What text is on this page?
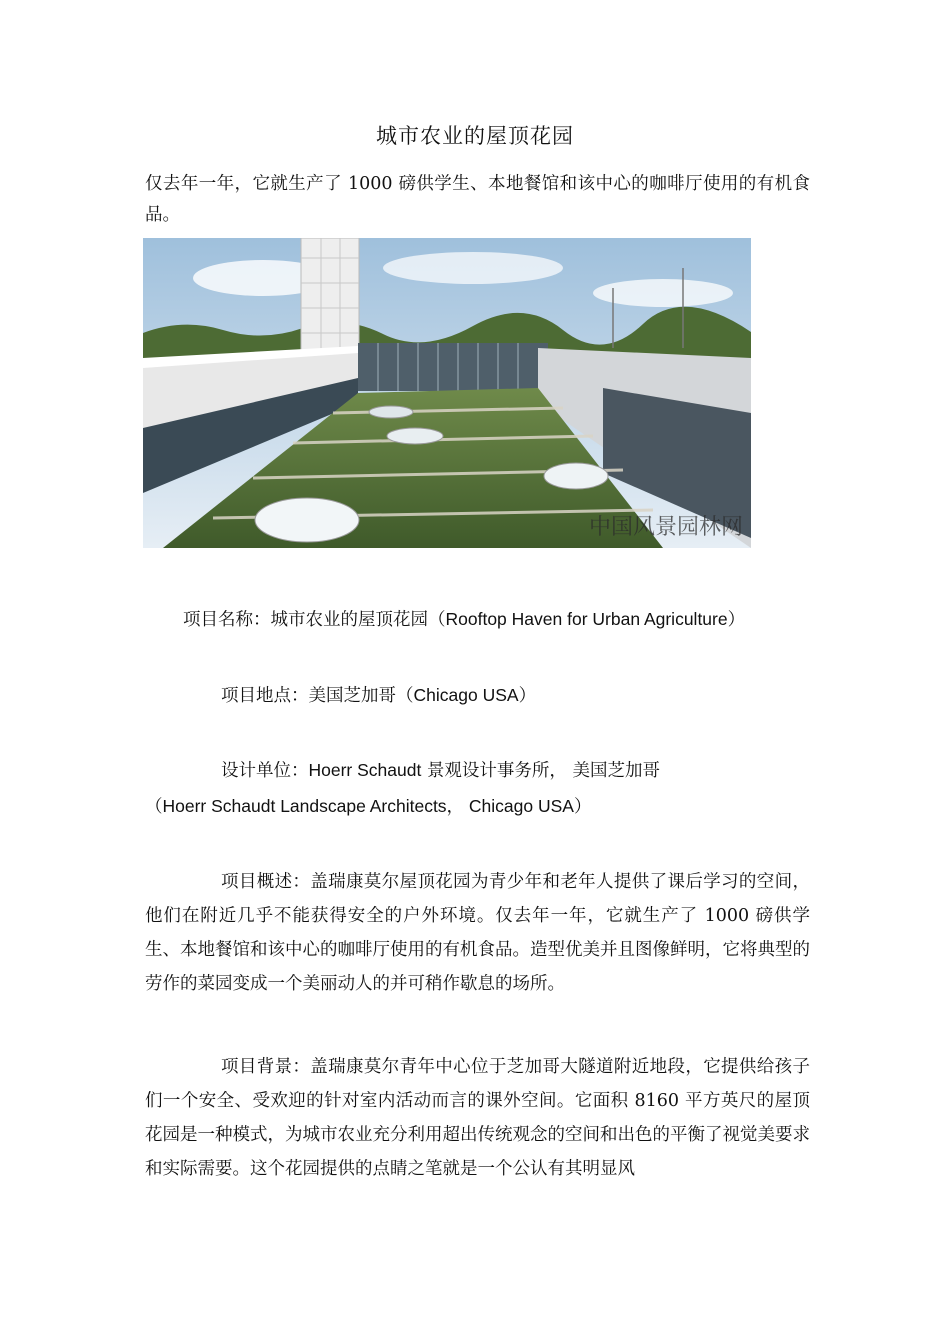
城市农业的屋顶花园

仅去年一年，它就生产了 1000 磅供学生、本地餐馆和该中心的咖啡厅使用的有机食品。

中国风景园林网
项目名称：城市农业的屋顶花园（Rooftop Haven for Urban Agriculture）
项目地点：美国芝加哥（Chicago USA）
设计单位：Hoerr Schaudt 景观设计事务所， 美国芝加哥
（Hoerr Schaudt Landscape Architects， Chicago USA）

项目概述：盖瑞康莫尔屋顶花园为青少年和老年人提供了课后学习的空间，他们在附近几乎不能获得安全的户外环境。仅去年一年，它就生产了 1000 磅供学生、本地餐馆和该中心的咖啡厅使用的有机食品。造型优美并且图像鲜明，它将典型的劳作的菜园变成一个美丽动人的并可稍作歇息的场所。

项目背景：盖瑞康莫尔青年中心位于芝加哥大隧道附近地段，它提供给孩子们一个安全、受欢迎的针对室内活动而言的课外空间。它面积 8160 平方英尺的屋顶花园是一种模式，为城市农业充分利用超出传统观念的空间和出色的平衡了视觉美要求和实际需要。这个花园提供的点睛之笔就是一个公认有其明显风
